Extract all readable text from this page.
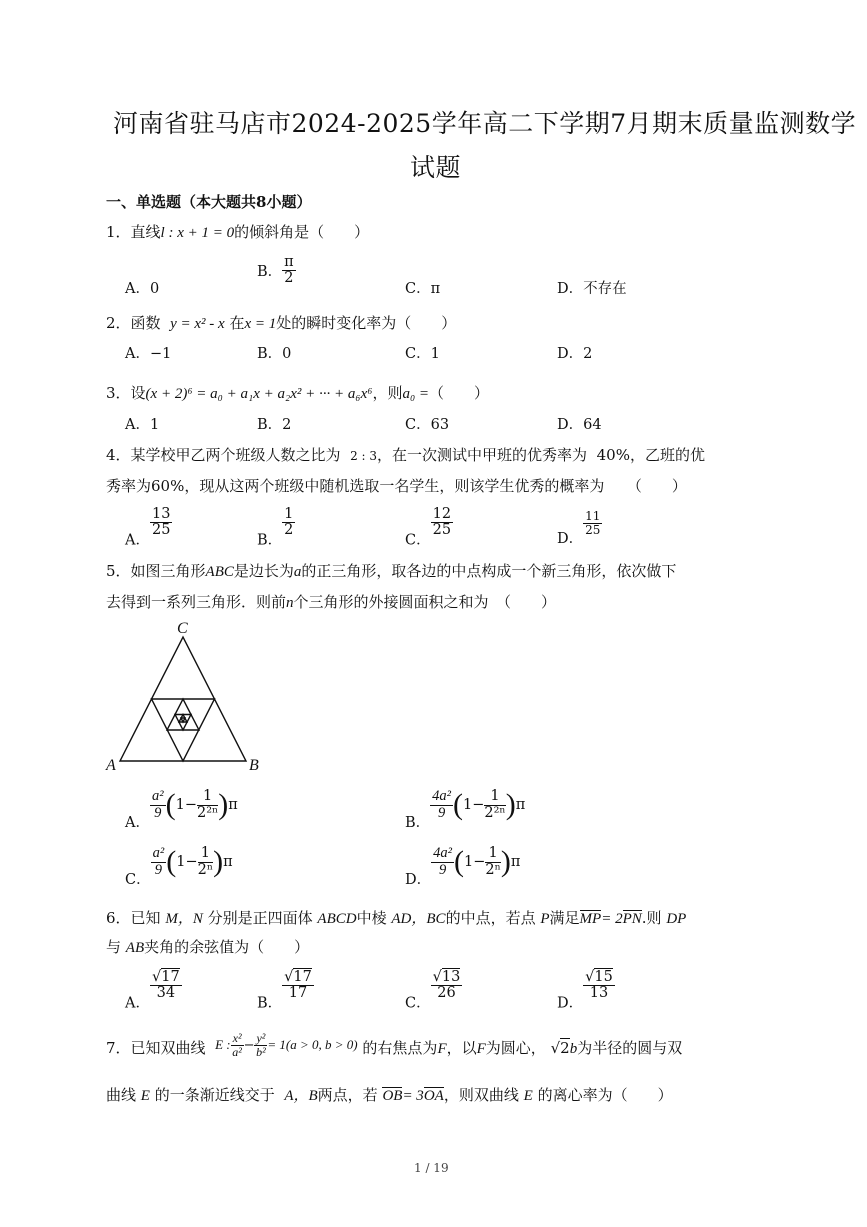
河南省驻马店市2024-2025学年高二下学期7月期末质量监测数学
试题
一、单选题（本大题共8小题）
1．直线l : x + 1 = 0的倾斜角是（　　）
A．0
B． $\frac{\pi}{2}$
C．π	D．不存在
2．函数 y = x² - x 在x = 1处的瞬时变化率为（　　）
A．−1	B．0	C．1	D．2
3．设(x + 2)⁶ = a₀ + a₁x + a₂x² + ··· + a₆x⁶，则a₀ =（　　）
A．1	B．2	C．63	D．64
4．某学校甲乙两个班级人数之比为 2 : 3，在一次测试中甲班的优秀率为 40%，乙班的优
秀率为60%，现从这两个班级中随机选取一名学生，则该学生优秀的概率为　　（　　）
A．
$\frac{13}{25}$
B．
$\frac{1}{2}$
C．
$\frac{12}{25}$
D．
$\frac{11}{25}$
5．如图三角形ABC是边长为a的正三角形，取各边的中点构成一个新三角形，依次做下
去得到一系列三角形．则前n个三角形的外接圆面积之和为　（　　）
C
A	B
A．
$\frac{\text{a²}}{9} (1- \frac{1}{\text{2²ⁿ}} )\pi$
B．
$\frac{\text{4a²}}{9} (1- \frac{1}{\text{2²ⁿ}} )\pi$
C．
$\frac{\text{a²}}{9} (1- \frac{1}{\text{2ⁿ}} )\pi$
D．
$\frac{\text{4a²}}{9} (1- \frac{1}{\text{2ⁿ}} )\pi$
6．已知 M，N 分别是正四面体 ABCD中棱 AD，BC的中点，若点 P满足MP= 2PN.则 DP
与 AB夹角的余弦值为（　　）
A．
$\frac{√17}{34}$
B．
$\frac{√17}{17}$
C．
$\frac{√13}{26}$
D．
$\frac{√15}{13}$
7．已知双曲线 E : $\frac{\text{x²}}{\text{a²}} - \frac{\text{y²}}{\text{b²}} = 1(a > 0$, b > 0) 的右焦点为F，以F为圆心， √2b为半径的圆与双
曲线 E 的一条渐近线交于 A，B两点，若 OB= 3OA，则双曲线 E 的离心率为（　　）
1 / 19
